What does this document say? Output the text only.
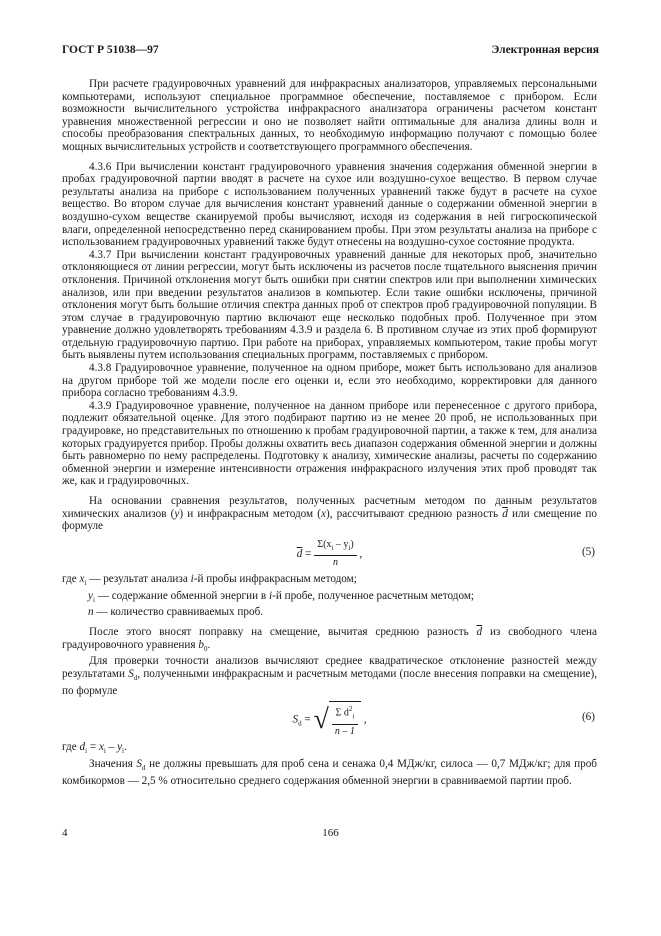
ГОСТ Р 51038—97	Электронная версия

При расчете градуировочных уравнений для инфракрасных анализаторов, управляемых персональными компьютерами, используют специальное программное обеспечение, поставляемое с прибором. Если возможности вычислительного устройства инфракрасного анализатора ограничены расчетом констант уравнения множественной регрессии и оно не позволяет найти оптимальные для анализа длины волн и способы преобразования спектральных данных, то необходимую информацию получают с помощью более мощных вычислительных устройств и соответствующего программного обеспечения.

4.3.6 При вычислении констант градуировочного уравнения значения содержания обменной энергии в пробах градуировочной партии вводят в расчете на сухое или воздушно-сухое вещество. В первом случае результаты анализа на приборе с использованием полученных уравнений также будут в расчете на сухое вещество. Во втором случае для вычисления констант уравнений данные о содержании обменной энергии в воздушно-сухом веществе сканируемой пробы вычисляют, исходя из содержания в ней гигроскопической влаги, определенной непосредственно перед сканированием пробы. При этом результаты анализа на приборе с использованием градуировочных уравнений также будут отнесены на воздушно-сухое состояние продукта.

4.3.7 При вычислении констант градуировочных уравнений данные для некоторых проб, значительно отклоняющиеся от линии регрессии, могут быть исключены из расчетов после тщательного выяснения причин отклонения. Причиной отклонения могут быть ошибки при снятии спектров или при выполнении химических анализов, или при введении результатов анализов в компьютер. Если такие ошибки исключены, причиной отклонения могут быть большие отличия спектра данных проб от спектров проб градуировочной популяции. В этом случае в градуировочную партию включают еще несколько подобных проб. Полученное при этом уравнение должно удовлетворять требованиям 4.3.9 и раздела 6. В противном случае из этих проб формируют отдельную градуировочную партию. При работе на приборах, управляемых компьютером, такие пробы могут быть выявлены путем использования специальных программ, поставляемых с прибором.

4.3.8 Градуировочное уравнение, полученное на одном приборе, может быть использовано для анализов на другом приборе той же модели после его оценки и, если это необходимо, корректировки для данного прибора согласно требованиям 4.3.9.

4.3.9 Градуировочное уравнение, полученное на данном приборе или перенесенное с другого прибора, подлежит обязательной оценке. Для этого подбирают партию из не менее 20 проб, не использованных при градуировке, но представительных по отношению к пробам градуировочной партии, а также к тем, для анализа которых градуируется прибор. Пробы должны охватить весь диапазон содержания обменной энергии и должны быть равномерно по нему распределены. Подготовку к анализу, химические анализы, расчеты по содержанию обменной энергии и измерение интенсивности отражения инфракрасного излучения этих проб проводят так же, как и градуировочных.

На основании сравнения результатов, полученных расчетным методом по данным результатов химических анализов (y) и инфракрасным методом (x), рассчитывают среднюю разность $\overline{d}$ или смещение по формуле

$\overline{d} = \frac{\Sigma(x_i - y_i)}{n}$ ,	(5)

где $x_i$ — результат анализа i-й пробы инфракрасным методом;

$y_i$ — содержание обменной энергии в i-й пробе, полученное расчетным методом;

n — количество сравниваемых проб.

После этого вносят поправку на смещение, вычитая среднюю разность $\overline{d}$ из свободного члена градуировочного уравнения $b_0$.

Для проверки точности анализов вычисляют среднее квадратическое отклонение разностей между результатами $S_d$, полученными инфракрасным и расчетным методами (после внесения поправки на смещение), по формуле

$S_d$ = √ $\frac{\Sigma d^2_i}{n - 1}$ ,	(6)

где $d_i = x_i - y_i$.

Значения $S_d$ не должны превышать для проб сена и сенажа 0,4 МДж/кг, силоса — 0,7 МДж/кг; для проб комбикормов — 2,5 % относительно среднего содержания обменной энергии в сравниваемой партии проб.

4	166
